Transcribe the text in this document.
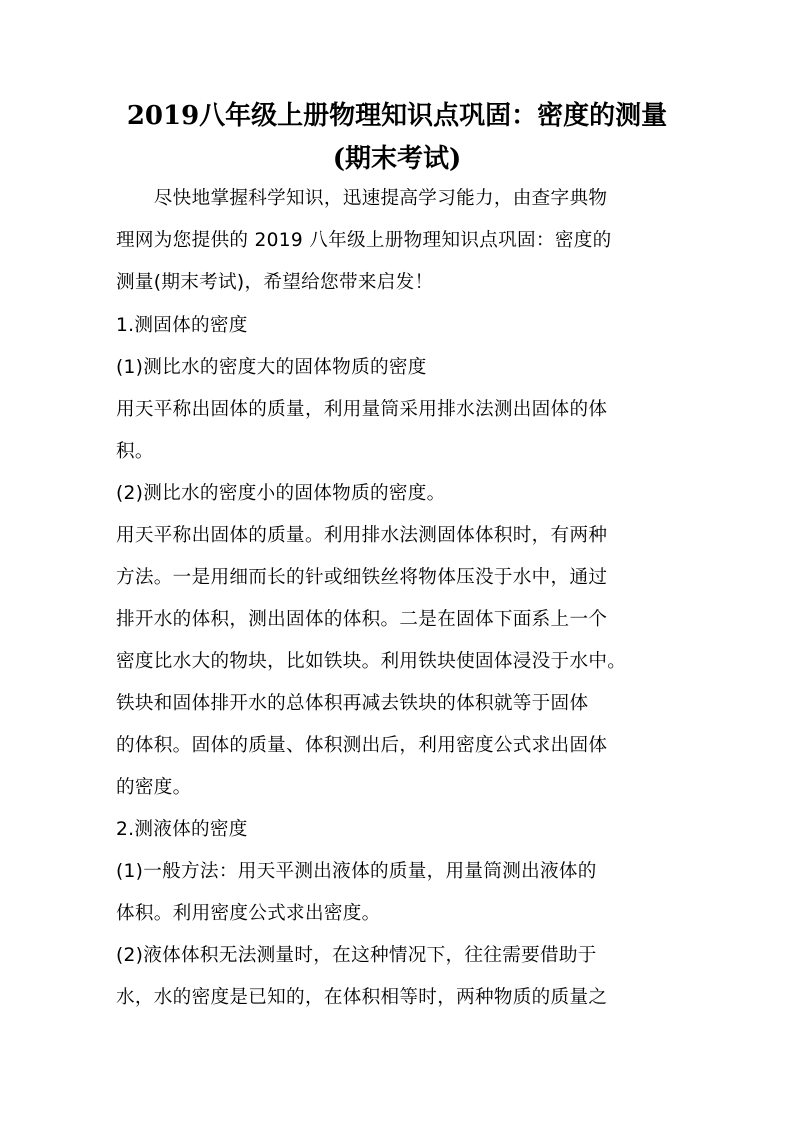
2019八年级上册物理知识点巩固：密度的测量
(期末考试)
　　尽快地掌握科学知识，迅速提高学习能力，由查字典物
理网为您提供的 2019 八年级上册物理知识点巩固：密度的
测量(期末考试)，希望给您带来启发！
1.测固体的密度
(1)测比水的密度大的固体物质的密度
用天平称出固体的质量，利用量筒采用排水法测出固体的体
积。
(2)测比水的密度小的固体物质的密度。
用天平称出固体的质量。利用排水法测固体体积时，有两种
方法。一是用细而长的针或细铁丝将物体压没于水中，通过
排开水的体积，测出固体的体积。二是在固体下面系上一个
密度比水大的物块，比如铁块。利用铁块使固体浸没于水中。
铁块和固体排开水的总体积再减去铁块的体积就等于固体
的体积。固体的质量、体积测出后，利用密度公式求出固体
的密度。
2.测液体的密度
(1)一般方法：用天平测出液体的质量，用量筒测出液体的
体积。利用密度公式求出密度。
(2)液体体积无法测量时，在这种情况下，往往需要借助于
水，水的密度是已知的，在体积相等时，两种物质的质量之
